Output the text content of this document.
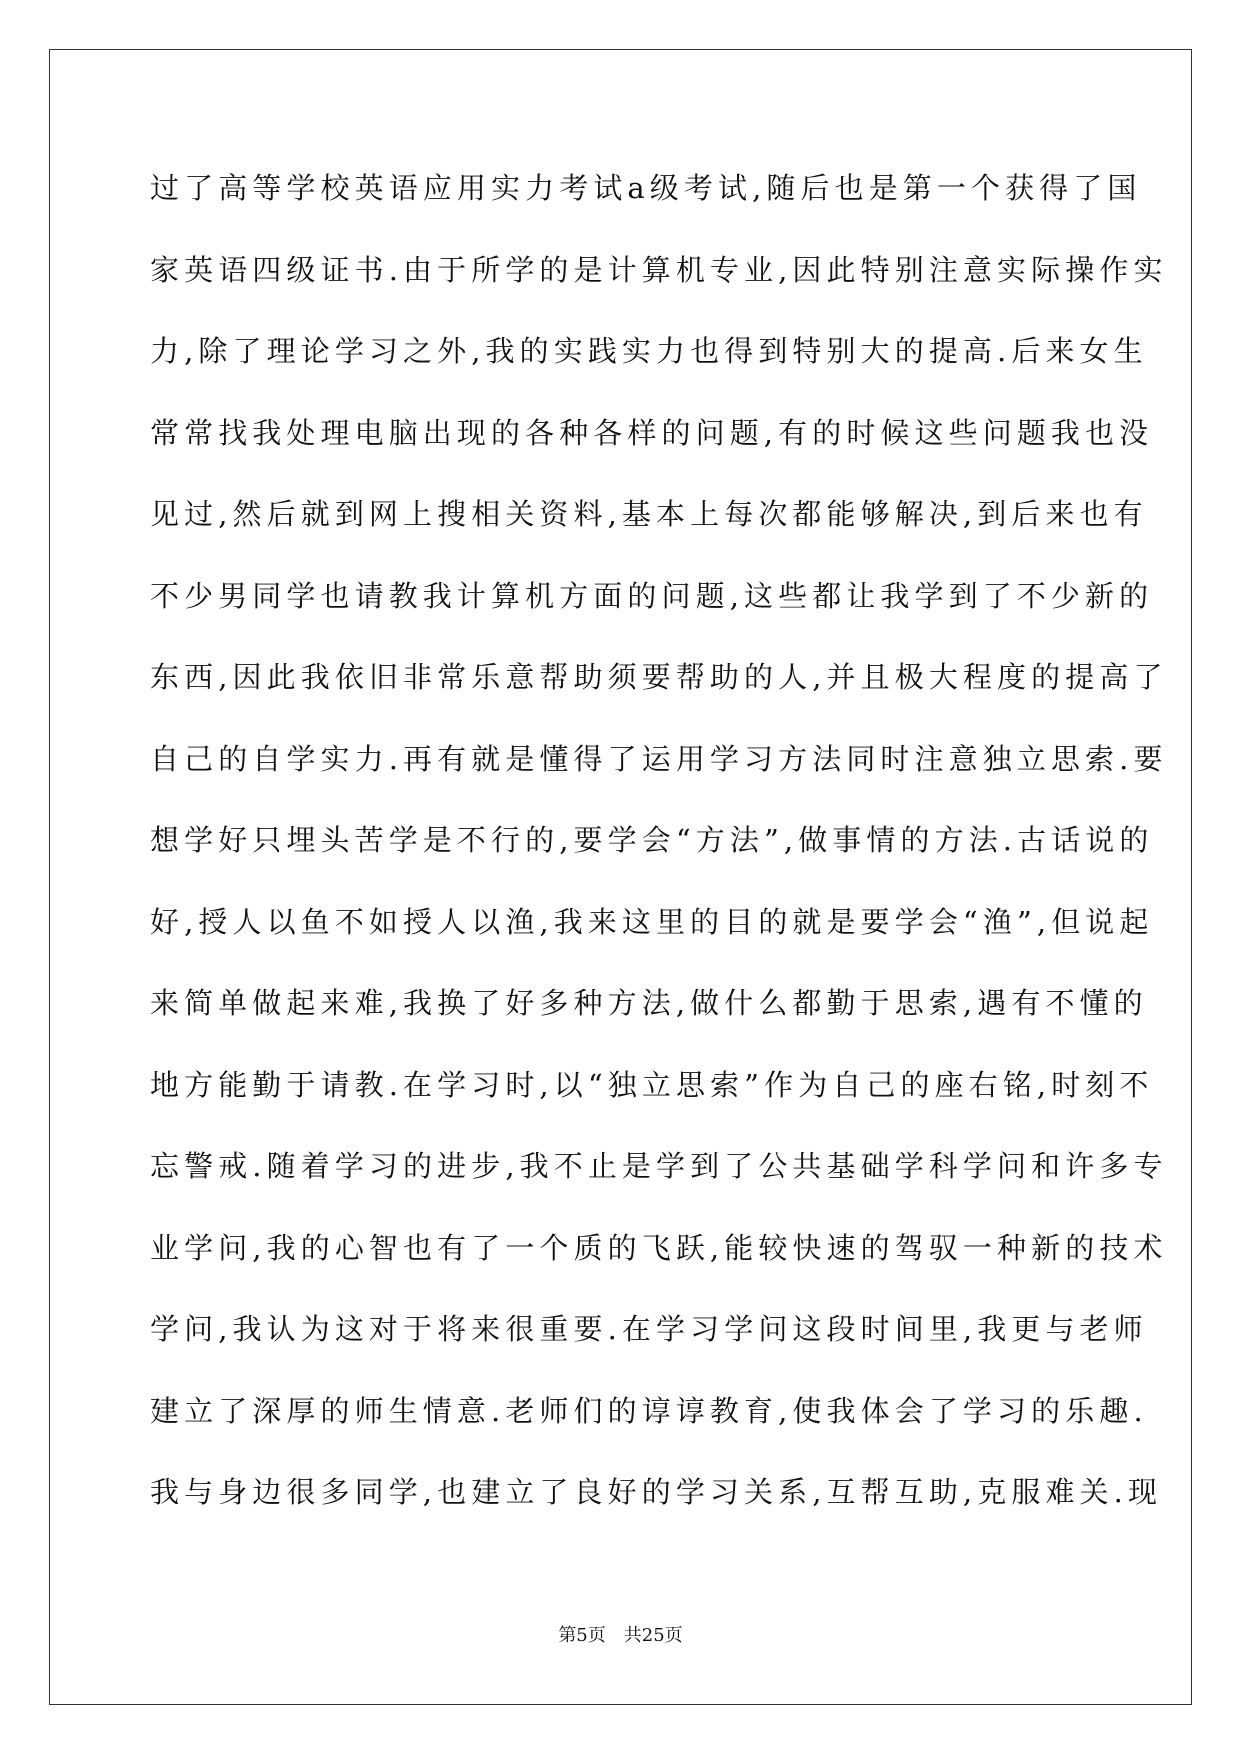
过了高等学校英语应用实力考试a级考试,随后也是第一个获得了国
家英语四级证书.由于所学的是计算机专业,因此特别注意实际操作实
力,除了理论学习之外,我的实践实力也得到特别大的提高.后来女生
常常找我处理电脑出现的各种各样的问题,有的时候这些问题我也没
见过,然后就到网上搜相关资料,基本上每次都能够解决,到后来也有
不少男同学也请教我计算机方面的问题,这些都让我学到了不少新的
东西,因此我依旧非常乐意帮助须要帮助的人,并且极大程度的提高了
自己的自学实力.再有就是懂得了运用学习方法同时注意独立思索.要
想学好只埋头苦学是不行的,要学会“方法”,做事情的方法.古话说的
好,授人以鱼不如授人以渔,我来这里的目的就是要学会“渔”,但说起
来简单做起来难,我换了好多种方法,做什么都勤于思索,遇有不懂的
地方能勤于请教.在学习时,以“独立思索”作为自己的座右铭,时刻不
忘警戒.随着学习的进步,我不止是学到了公共基础学科学问和许多专
业学问,我的心智也有了一个质的飞跃,能较快速的驾驭一种新的技术
学问,我认为这对于将来很重要.在学习学问这段时间里,我更与老师
建立了深厚的师生情意.老师们的谆谆教育,使我体会了学习的乐趣.
我与身边很多同学,也建立了良好的学习关系,互帮互助,克服难关.现
第5页 共25页
